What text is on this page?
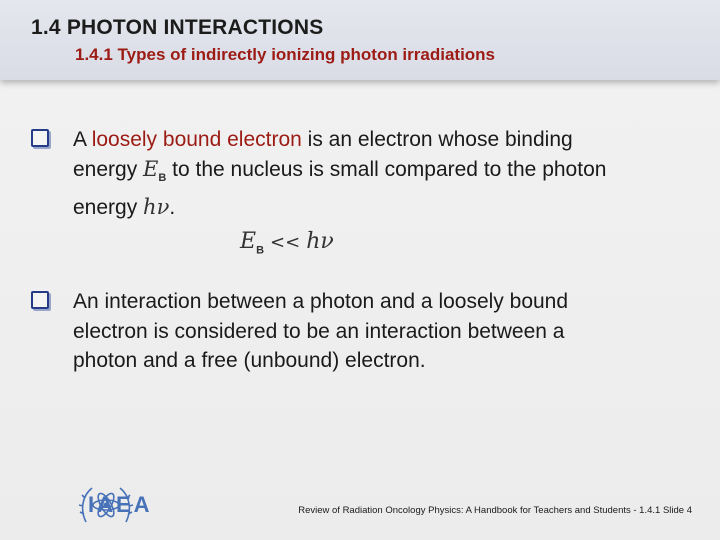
1.4 PHOTON INTERACTIONS
1.4.1 Types of indirectly ionizing photon irradiations
A loosely bound electron is an electron whose binding
energy $E_B$ to the nucleus is small compared to the photon
energy hν.
$E_B << h\nu$
An interaction between a photon and a loosely bound
electron is considered to be an interaction between a
photon and a free (unbound) electron.
IAEA	Review of Radiation Oncology Physics: A Handbook for Teachers and Students - 1.4.1 Slide 4
